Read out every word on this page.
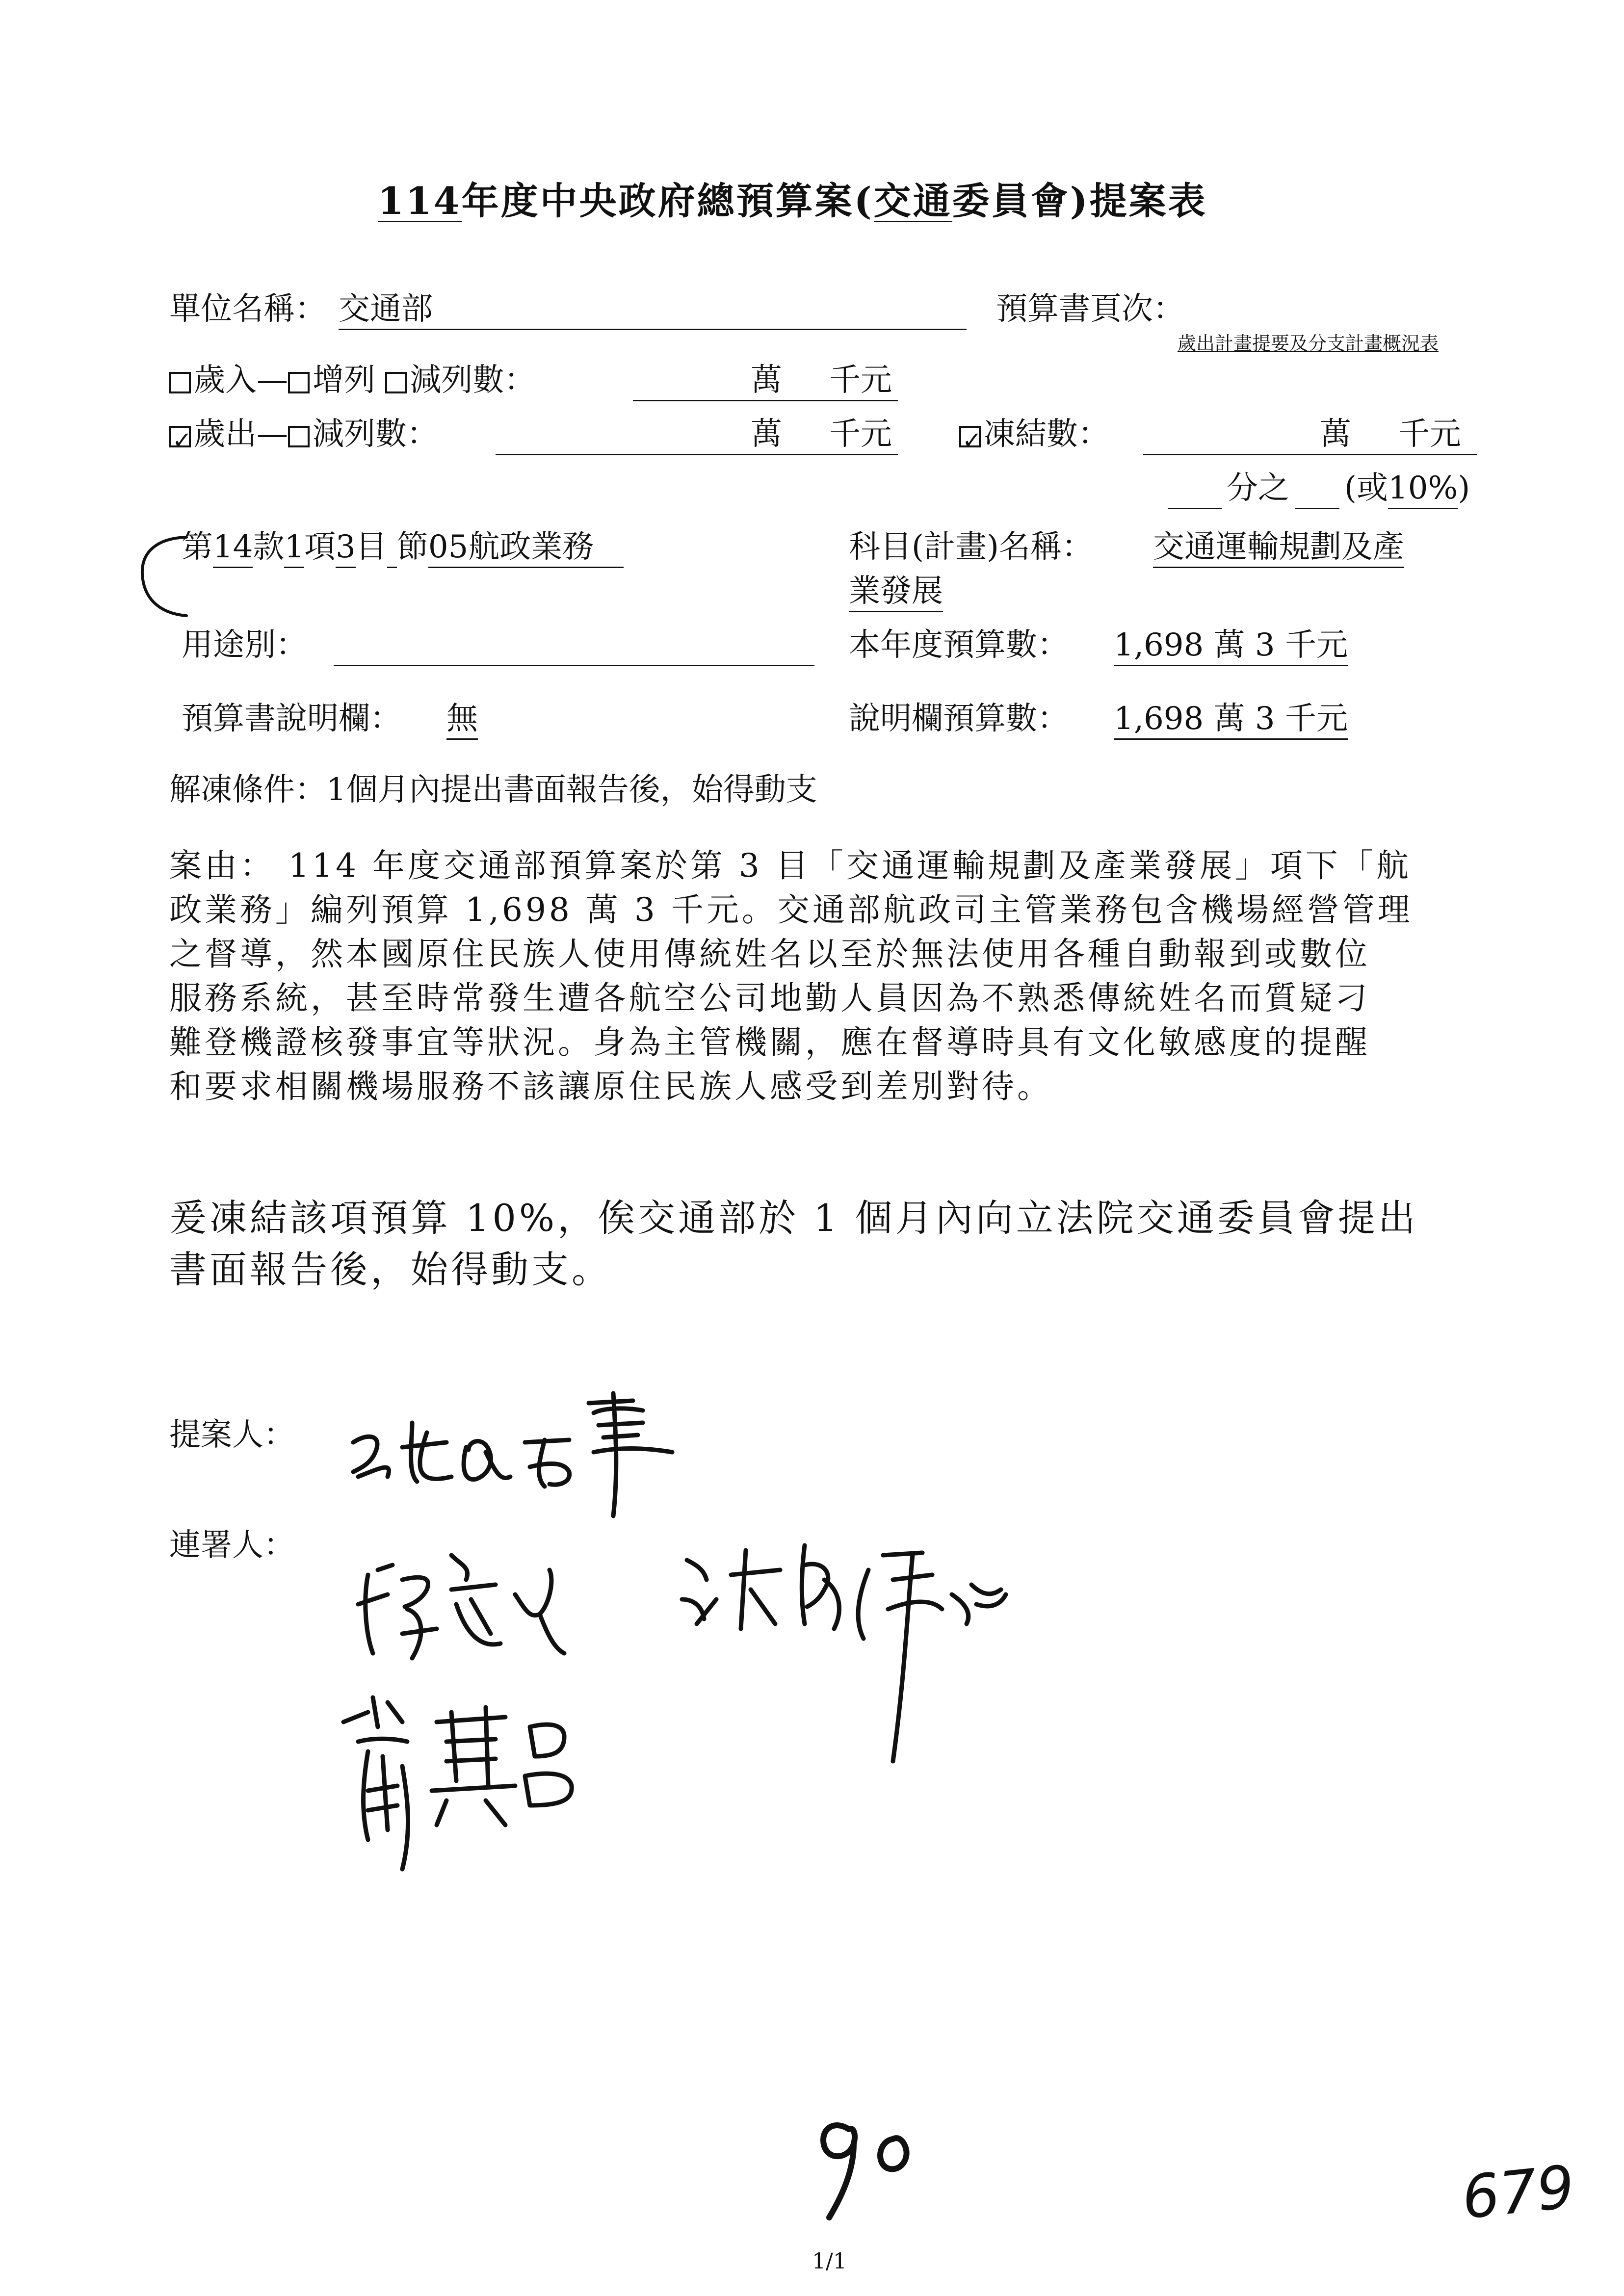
114年度中央政府總預算案(交通委員會)提案表
單位名稱： 交通部	預算書頁次：
歲出計畫提要及分支計畫概況表
歲入— 增列 減列數：	萬 千元
✓歲出— 減列數：	萬 千元
✓	凍結數：	萬 千元
分之 (或10%)
第14款1項3目 節05航政業務	科目(計畫)名稱： 交通運輸規劃及產
業發展
用途別：	本年度預算數： 1,698 萬 3 千元
預算書說明欄： 無	說明欄預算數： 1,698 萬 3 千元
解凍條件：1個月內提出書面報告後，始得動支
案由： 114 年度交通部預算案於第 3 目「交通運輸規劃及產業發展」項下「航
政業務」編列預算 1,698 萬 3 千元。交通部航政司主管業務包含機場經營管理
之督導，然本國原住民族人使用傳統姓名以至於無法使用各種自動報到或數位
服務系統，甚至時常發生遭各航空公司地勤人員因為不熟悉傳統姓名而質疑刁
難登機證核發事宜等狀況。身為主管機關，應在督導時具有文化敏感度的提醒
和要求相關機場服務不該讓原住民族人感受到差別對待。
爰凍結該項預算 10%，俟交通部於 1 個月內向立法院交通委員會提出
書面報告後，始得動支。
提案人：
連署人：
1/1
679
